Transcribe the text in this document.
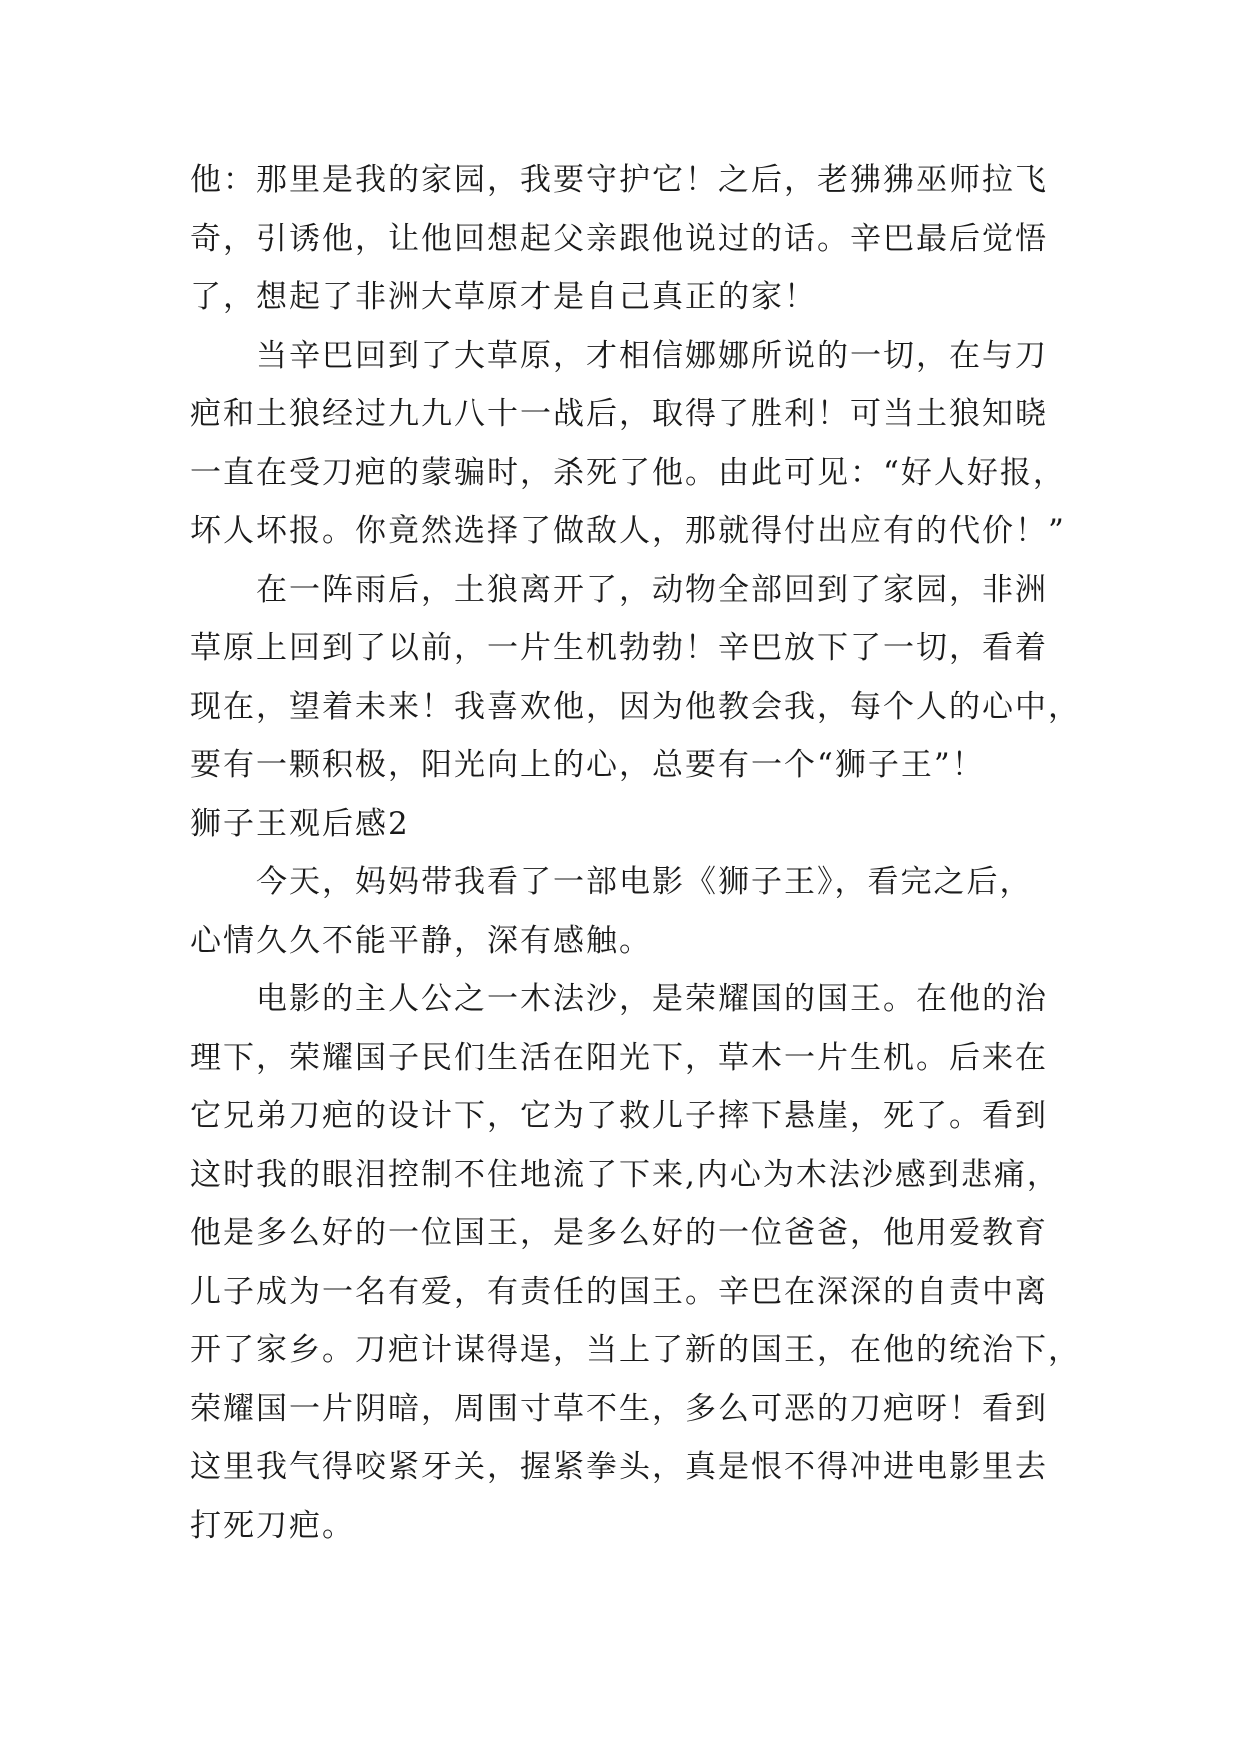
他：那里是我的家园，我要守护它！之后，老狒狒巫师拉飞
奇，引诱他，让他回想起父亲跟他说过的话。辛巴最后觉悟
了，想起了非洲大草原才是自己真正的家！
当辛巴回到了大草原，才相信娜娜所说的一切，在与刀
疤和土狼经过九九八十一战后，取得了胜利！可当土狼知晓
一直在受刀疤的蒙骗时，杀死了他。由此可见：“好人好报，
坏人坏报。你竟然选择了做敌人，那就得付出应有的代价！”
在一阵雨后，土狼离开了，动物全部回到了家园，非洲
草原上回到了以前，一片生机勃勃！辛巴放下了一切，看着
现在，望着未来！我喜欢他，因为他教会我，每个人的心中，
要有一颗积极，阳光向上的心，总要有一个“狮子王”！
狮子王观后感2
今天，妈妈带我看了一部电影《狮子王》，看完之后，
心情久久不能平静，深有感触。
电影的主人公之一木法沙，是荣耀国的国王。在他的治
理下，荣耀国子民们生活在阳光下，草木一片生机。后来在
它兄弟刀疤的设计下，它为了救儿子摔下悬崖，死了。看到
这时我的眼泪控制不住地流了下来,内心为木法沙感到悲痛，
他是多么好的一位国王，是多么好的一位爸爸，他用爱教育
儿子成为一名有爱，有责任的国王。辛巴在深深的自责中离
开了家乡。刀疤计谋得逞，当上了新的国王，在他的统治下，
荣耀国一片阴暗，周围寸草不生，多么可恶的刀疤呀！看到
这里我气得咬紧牙关，握紧拳头，真是恨不得冲进电影里去
打死刀疤。
